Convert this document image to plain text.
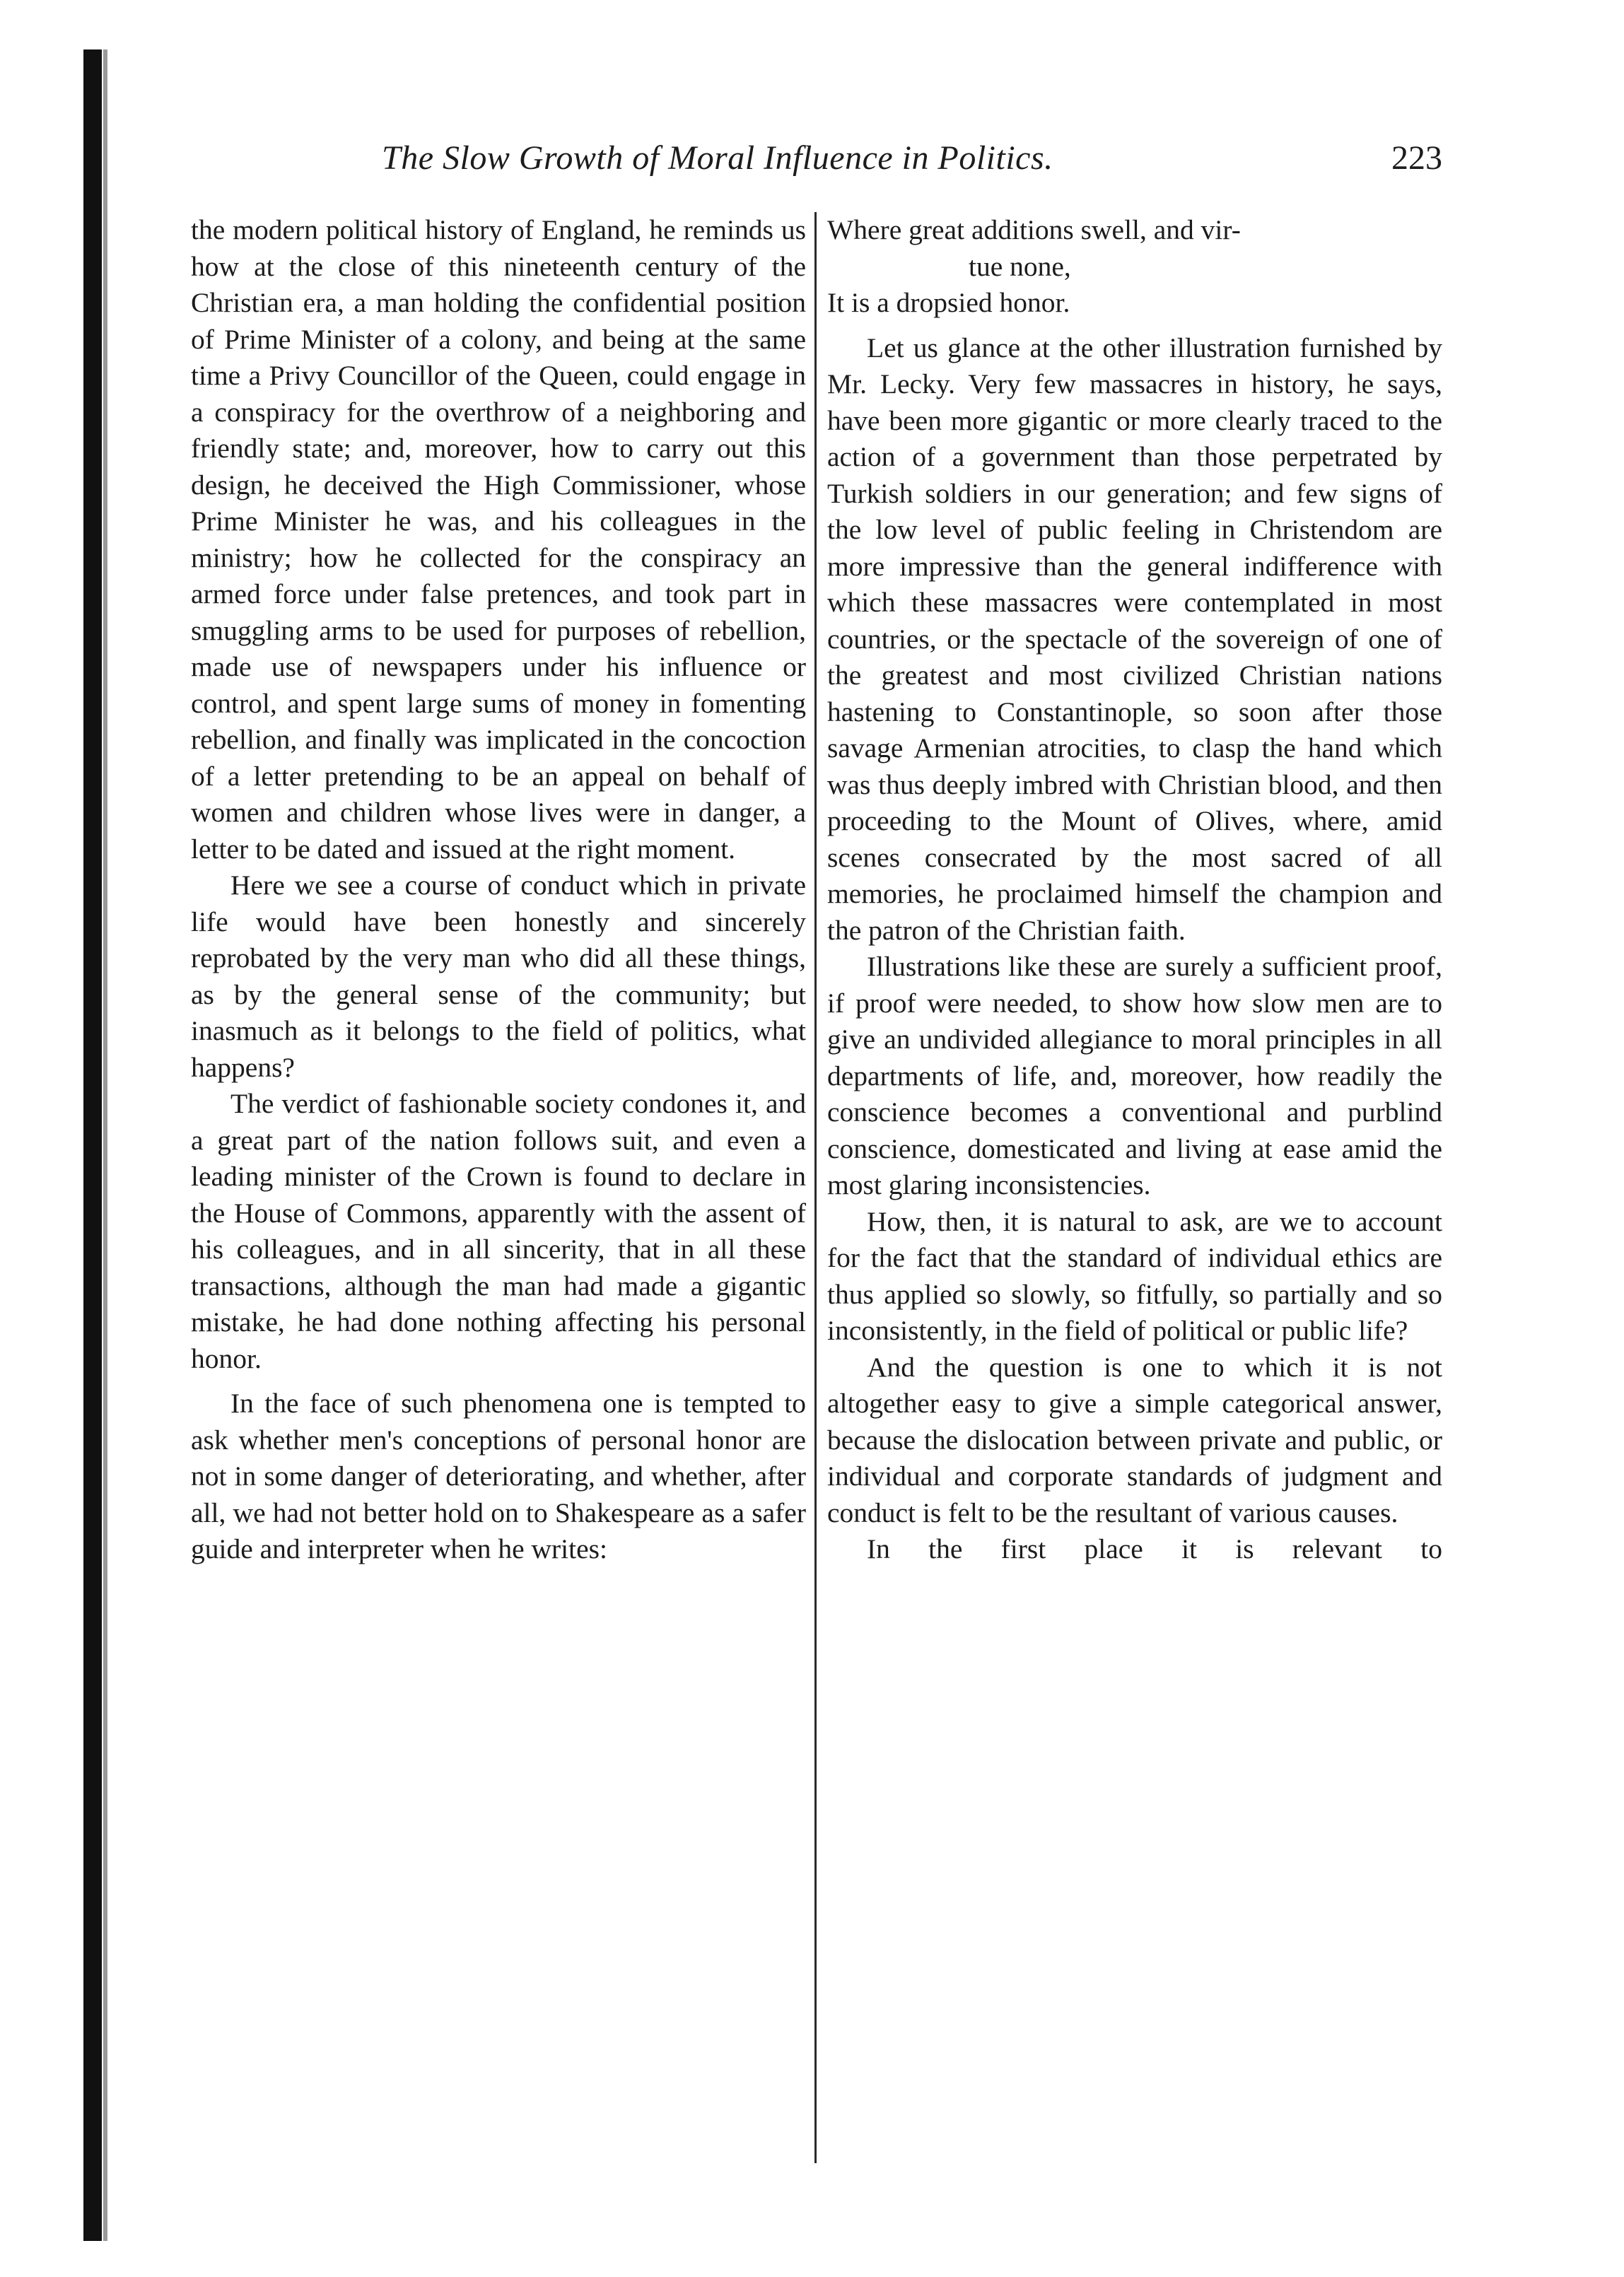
The Slow Growth of Moral Influence in Politics.	223

the modern political history of England, he reminds us how at the close of this nineteenth century of the Christian era, a man holding the confidential position of Prime Minister of a colony, and being at the same time a Privy Councillor of the Queen, could engage in a conspiracy for the overthrow of a neighboring and friendly state; and, moreover, how to carry out this design, he deceived the High Commissioner, whose Prime Minister he was, and his colleagues in the ministry; how he collected for the conspiracy an armed force under false pretences, and took part in smuggling arms to be used for purposes of rebellion, made use of newspapers under his influence or control, and spent large sums of money in fomenting rebellion, and finally was implicated in the concoction of a letter pretending to be an appeal on behalf of women and children whose lives were in danger, a letter to be dated and issued at the right moment.

Here we see a course of conduct which in private life would have been honestly and sincerely reprobated by the very man who did all these things, as by the general sense of the community; but inasmuch as it belongs to the field of politics, what happens?

The verdict of fashionable society condones it, and a great part of the nation follows suit, and even a leading minister of the Crown is found to declare in the House of Commons, apparently with the assent of his colleagues, and in all sincerity, that in all these transactions, although the man had made a gigantic mistake, he had done nothing affecting his personal honor.

In the face of such phenomena one is tempted to ask whether men's conceptions of personal honor are not in some danger of deteriorating, and whether, after all, we had not better hold on to Shakespeare as a safer guide and interpreter when he writes:

Where great additions swell, and vir-

tue none,

It is a dropsied honor.

Let us glance at the other illustration furnished by Mr. Lecky. Very few massacres in history, he says, have been more gigantic or more clearly traced to the action of a government than those perpetrated by Turkish soldiers in our generation; and few signs of the low level of public feeling in Christendom are more impressive than the general indifference with which these massacres were contemplated in most countries, or the spectacle of the sovereign of one of the greatest and most civilized Christian nations hastening to Constantinople, so soon after those savage Armenian atrocities, to clasp the hand which was thus deeply imbred with Christian blood, and then proceeding to the Mount of Olives, where, amid scenes consecrated by the most sacred of all memories, he proclaimed himself the champion and the patron of the Christian faith.

Illustrations like these are surely a sufficient proof, if proof were needed, to show how slow men are to give an undivided allegiance to moral principles in all departments of life, and, moreover, how readily the conscience becomes a conventional and purblind conscience, domesticated and living at ease amid the most glaring inconsistencies.

How, then, it is natural to ask, are we to account for the fact that the standard of individual ethics are thus applied so slowly, so fitfully, so partially and so inconsistently, in the field of political or public life?

And the question is one to which it is not altogether easy to give a simple categorical answer, because the dislocation between private and public, or individual and corporate standards of judgment and conduct is felt to be the resultant of various causes.

In the first place it is relevant to
